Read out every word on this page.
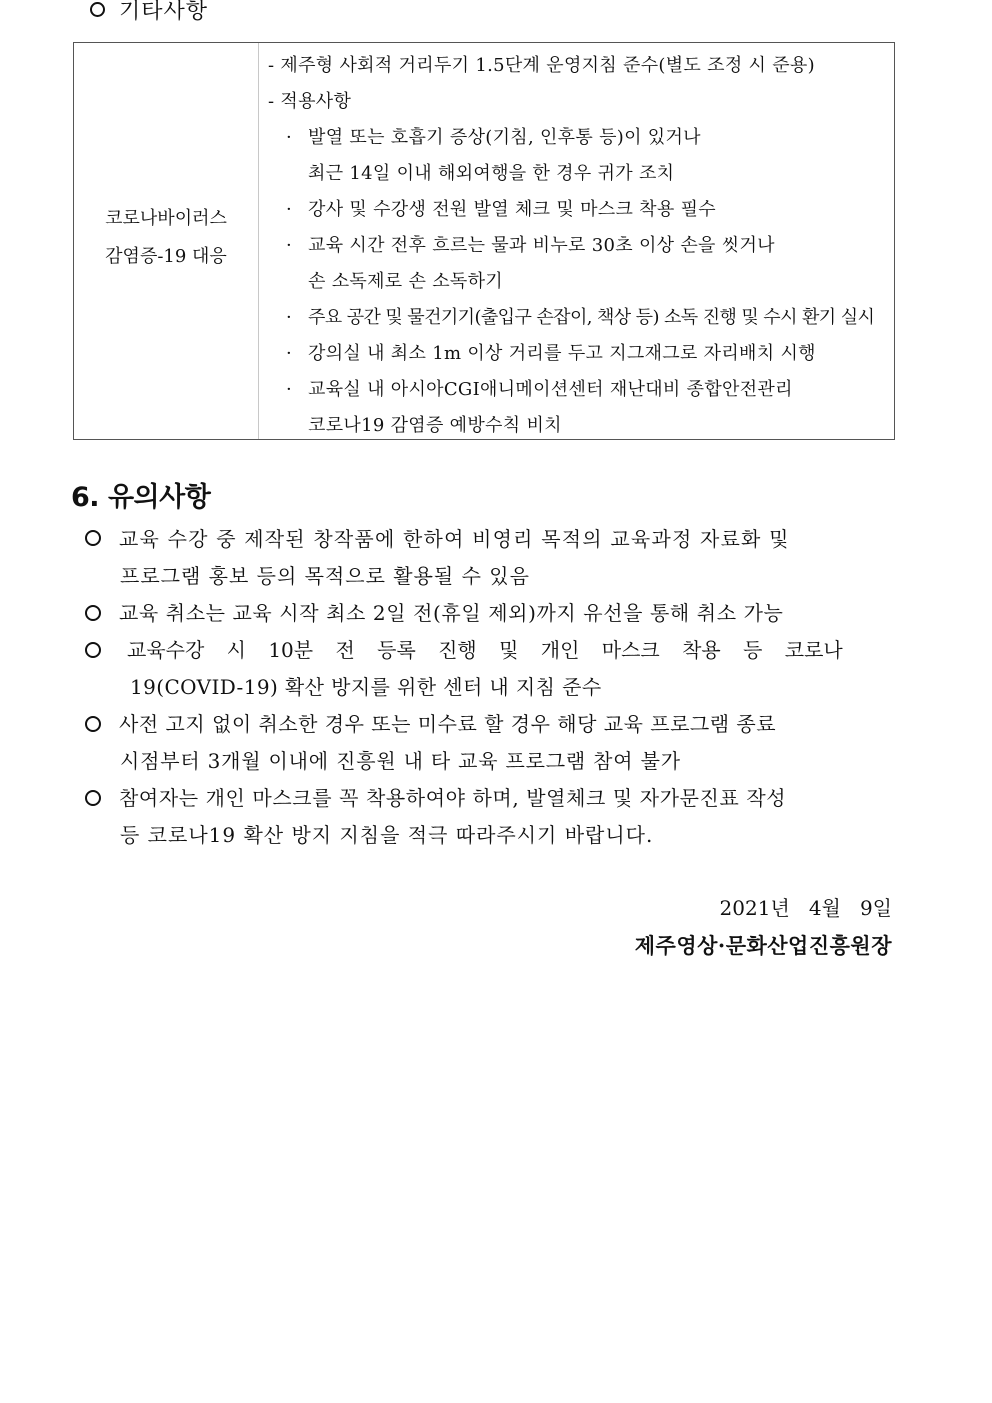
기타사항
코로나바이러스
감염증-19 대응
- 제주형 사회적 거리두기 1.5단계 운영지침 준수(별도 조정 시 준용)
- 적용사항
· 발열 또는 호흡기 증상(기침, 인후통 등)이 있거나
최근 14일 이내 해외여행을 한 경우 귀가 조치
· 강사 및 수강생 전원 발열 체크 및 마스크 착용 필수
· 교육 시간 전후 흐르는 물과 비누로 30초 이상 손을 씻거나
손 소독제로 손 소독하기
· 주요 공간 및 물건기기(출입구 손잡이, 책상 등) 소독 진행 및 수시 환기 실시
· 강의실 내 최소 1m 이상 거리를 두고 지그재그로 자리배치 시행
· 교육실 내 아시아CGI애니메이션센터 재난대비 종합안전관리
코로나19 감염증 예방수칙 비치
6. 유의사항
교육 수강 중 제작된 창작품에 한하여 비영리 목적의 교육과정 자료화 및
프로그램 홍보 등의 목적으로 활용될 수 있음
교육 취소는 교육 시작 최소 2일 전(휴일 제외)까지 유선을 통해 취소 가능
교육수강 시 10분 전 등록 진행 및 개인 마스크 착용 등 코로나
19(COVID-19) 확산 방지를 위한 센터 내 지침 준수
사전 고지 없이 취소한 경우 또는 미수료 할 경우 해당 교육 프로그램 종료
시점부터 3개월 이내에 진흥원 내 타 교육 프로그램 참여 불가
참여자는 개인 마스크를 꼭 착용하여야 하며, 발열체크 및 자가문진표 작성
등 코로나19 확산 방지 지침을 적극 따라주시기 바랍니다.
2021년   4월   9일
제주영상·문화산업진흥원장
